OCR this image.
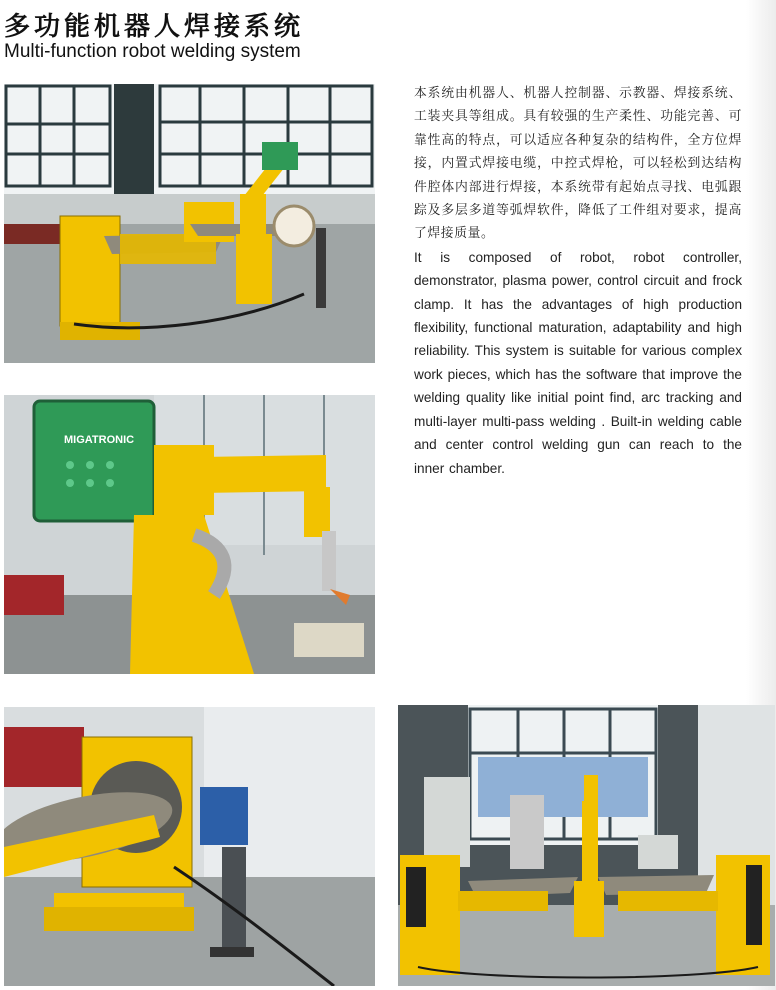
多功能机器人焊接系统
Multi-function robot welding system
MIGATRONIC

本系统由机器人、机器人控制器、示教器、焊接系统、工装夹具等组成。具有较强的生产柔性、功能完善、可靠性高的特点，可以适应各种复杂的结构件，全方位焊接，内置式焊接电缆，中控式焊枪，可以轻松到达结构件腔体内部进行焊接，本系统带有起始点寻找、电弧跟踪及多层多道等弧焊软件，降低了工件组对要求，提高了焊接质量。

It is composed of robot, robot controller, demonstrator, plasma power, control circuit and frock clamp. It has the advantages of high production flexibility, functional maturation, adaptability and high reliability. This system is suitable for various complex work pieces, which has the software that improve the welding quality like initial point find, arc tracking and multi-layer multi-pass welding . Built-in welding cable and center control welding gun can reach to the inner chamber.
